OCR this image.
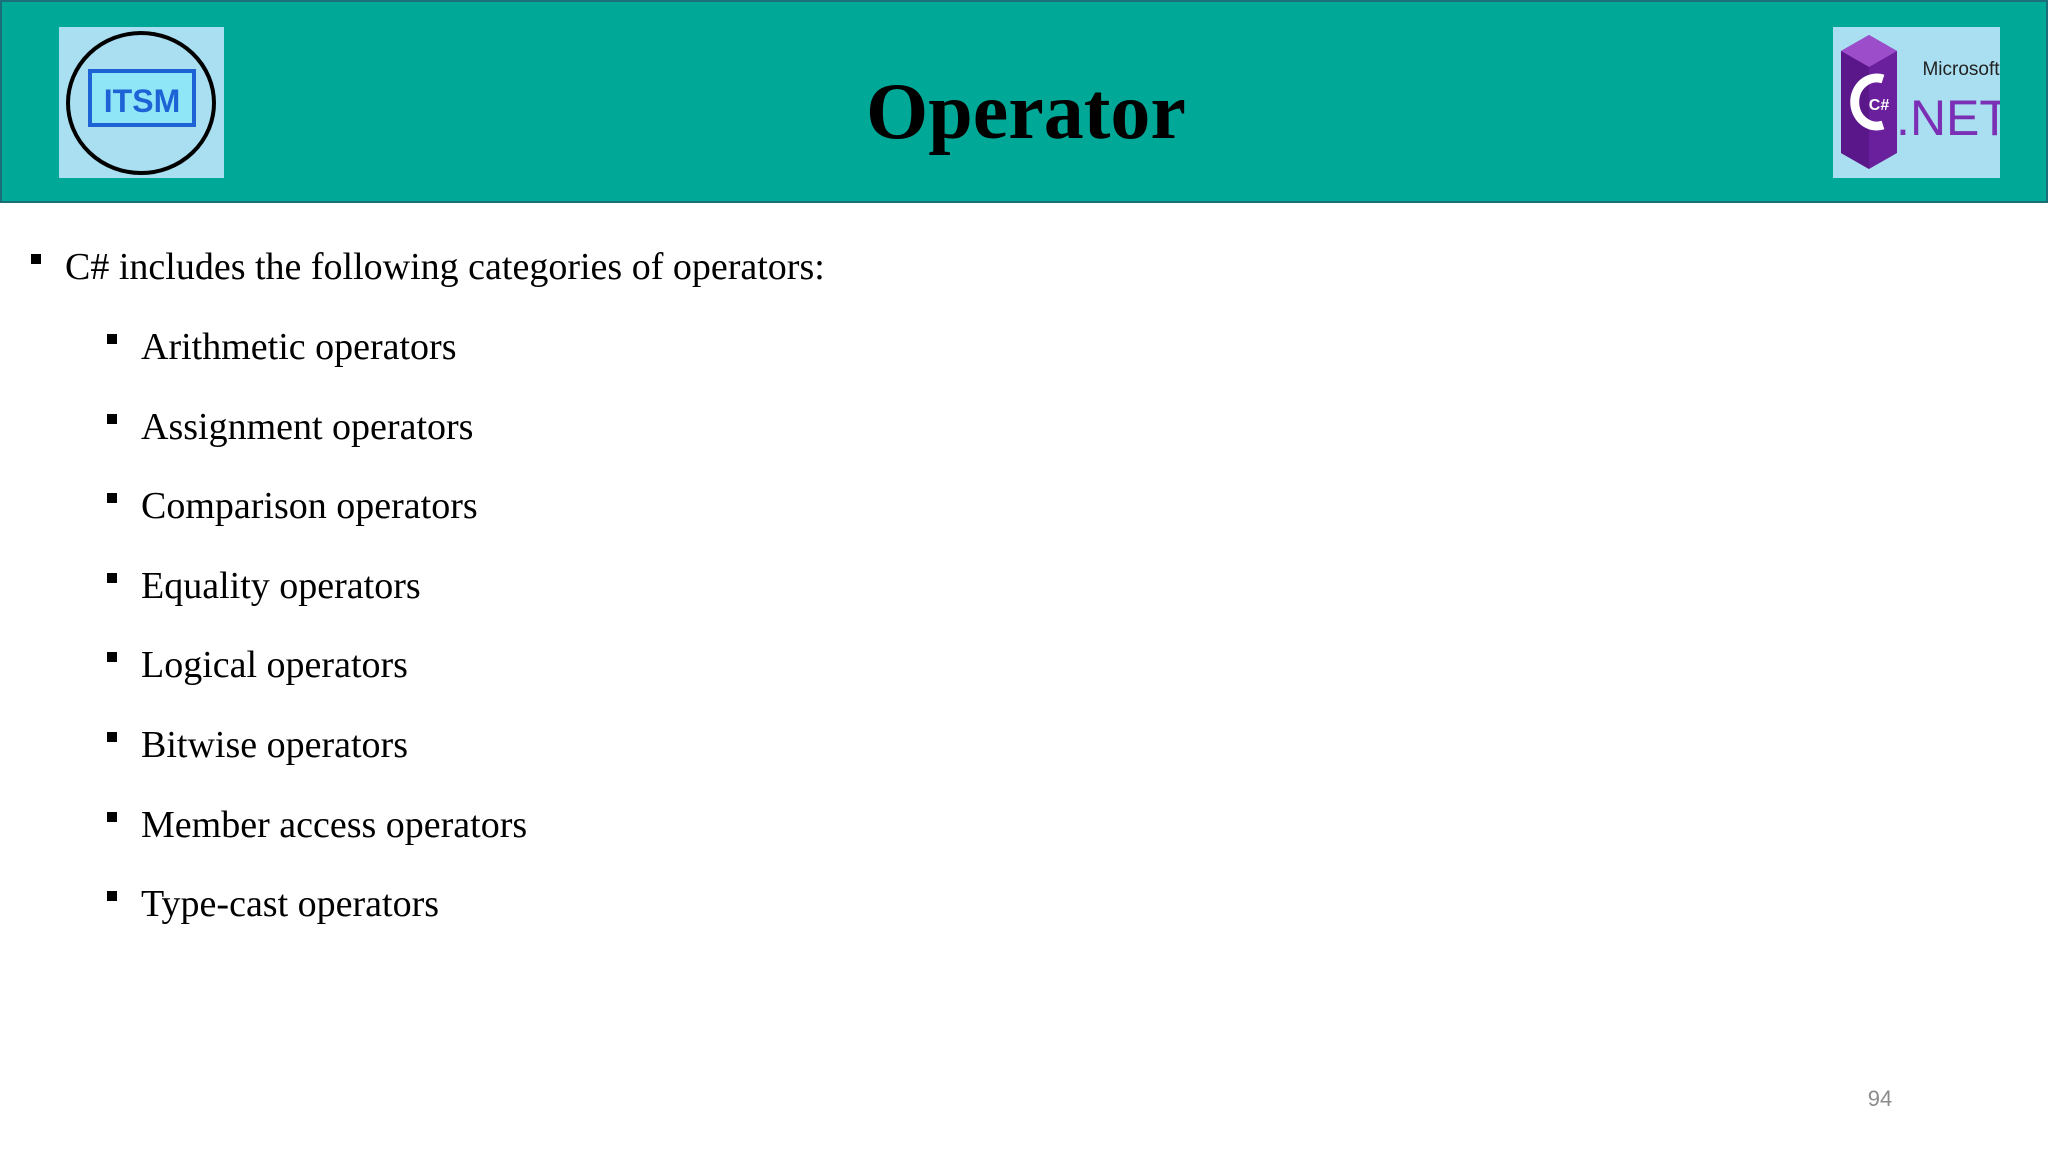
ITSM	Operator	C#
Microsoft
.NET
C# includes the following categories of operators:
Arithmetic operators
Assignment operators
Comparison operators
Equality operators
Logical operators
Bitwise operators
Member access operators
Type-cast operators
94
